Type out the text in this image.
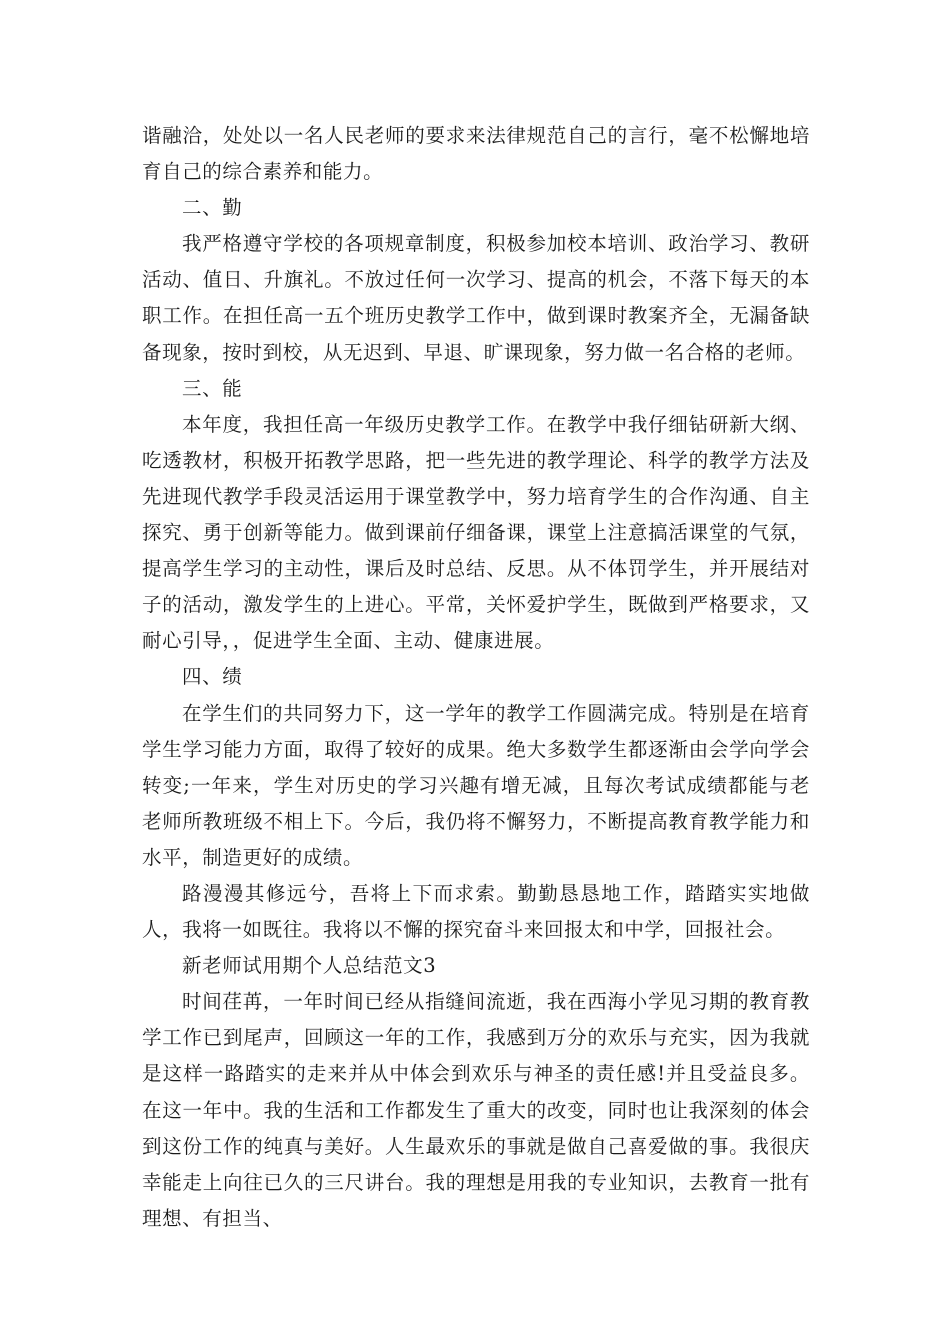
谐融洽，处处以一名人民老师的要求来法律规范自己的言行，毫不松懈地培育自己的综合素养和能力。

二、勤

我严格遵守学校的各项规章制度，积极参加校本培训、政治学习、教研活动、值日、升旗礼。不放过任何一次学习、提高的机会，不落下每天的本职工作。在担任高一五个班历史教学工作中，做到课时教案齐全，无漏备缺备现象，按时到校，从无迟到、早退、旷课现象，努力做一名合格的老师。

三、能

本年度，我担任高一年级历史教学工作。在教学中我仔细钻研新大纲、吃透教材，积极开拓教学思路，把一些先进的教学理论、科学的教学方法及先进现代教学手段灵活运用于课堂教学中，努力培育学生的合作沟通、自主探究、勇于创新等能力。做到课前仔细备课，课堂上注意搞活课堂的气氛，提高学生学习的主动性，课后及时总结、反思。从不体罚学生，并开展结对子的活动，激发学生的上进心。平常，关怀爱护学生，既做到严格要求，又耐心引导，，促进学生全面、主动、健康进展。

四、绩

在学生们的共同努力下，这一学年的教学工作圆满完成。特别是在培育学生学习能力方面，取得了较好的成果。绝大多数学生都逐渐由会学向学会转变;一年来，学生对历史的学习兴趣有增无减，且每次考试成绩都能与老老师所教班级不相上下。今后，我仍将不懈努力，不断提高教育教学能力和水平，制造更好的成绩。

路漫漫其修远兮，吾将上下而求索。勤勤恳恳地工作，踏踏实实地做人，我将一如既往。我将以不懈的探究奋斗来回报太和中学，回报社会。

新老师试用期个人总结范文3

时间荏苒，一年时间已经从指缝间流逝，我在西海小学见习期的教育教学工作已到尾声，回顾这一年的工作，我感到万分的欢乐与充实，因为我就是这样一路踏实的走来并从中体会到欢乐与神圣的责任感!并且受益良多。在这一年中。我的生活和工作都发生了重大的改变，同时也让我深刻的体会到这份工作的纯真与美好。人生最欢乐的事就是做自己喜爱做的事。我很庆幸能走上向往已久的三尺讲台。我的理想是用我的专业知识，去教育一批有理想、有担当、
